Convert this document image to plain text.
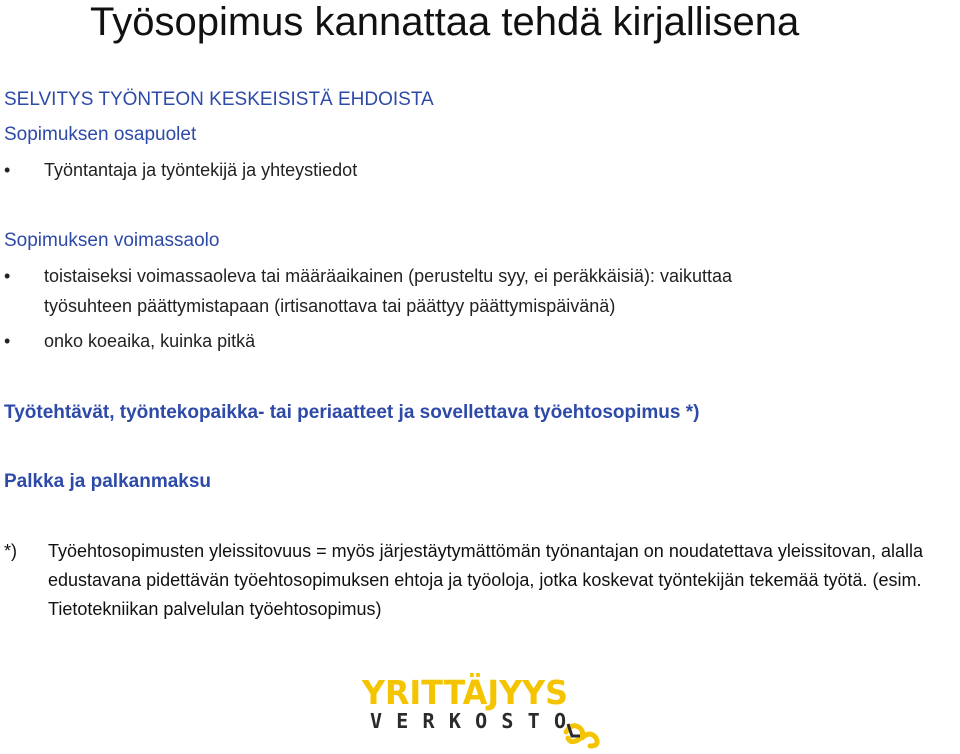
Työsopimus kannattaa tehdä kirjallisena
SELVITYS TYÖNTEON KESKEISISTÄ EHDOISTA
Sopimuksen osapuolet
•	Työntantaja ja työntekijä ja yhteystiedot
Sopimuksen voimassaolo
•	toistaiseksi voimassaoleva tai määräaikainen (perusteltu syy, ei peräkkäisiä): vaikuttaa työsuhteen päättymistapaan (irtisanottava tai päättyy päättymispäivänä)
•	onko koeaika, kuinka pitkä
Työtehtävät, työntekopaikka- tai periaatteet ja sovellettava työehtosopimus *)
Palkka ja palkanmaksu
*)	Työehtosopimusten yleissitovuus = myös järjestäytymättömän työnantajan on noudatettava yleissitovan, alalla edustavana pidettävän työehtosopimuksen ehtoja ja työoloja, jotka koskevat työntekijän tekemää työtä. (esim. Tietotekniikan palvelulan työehtosopimus)
YRITTÄJYYS
VERKOSTO
